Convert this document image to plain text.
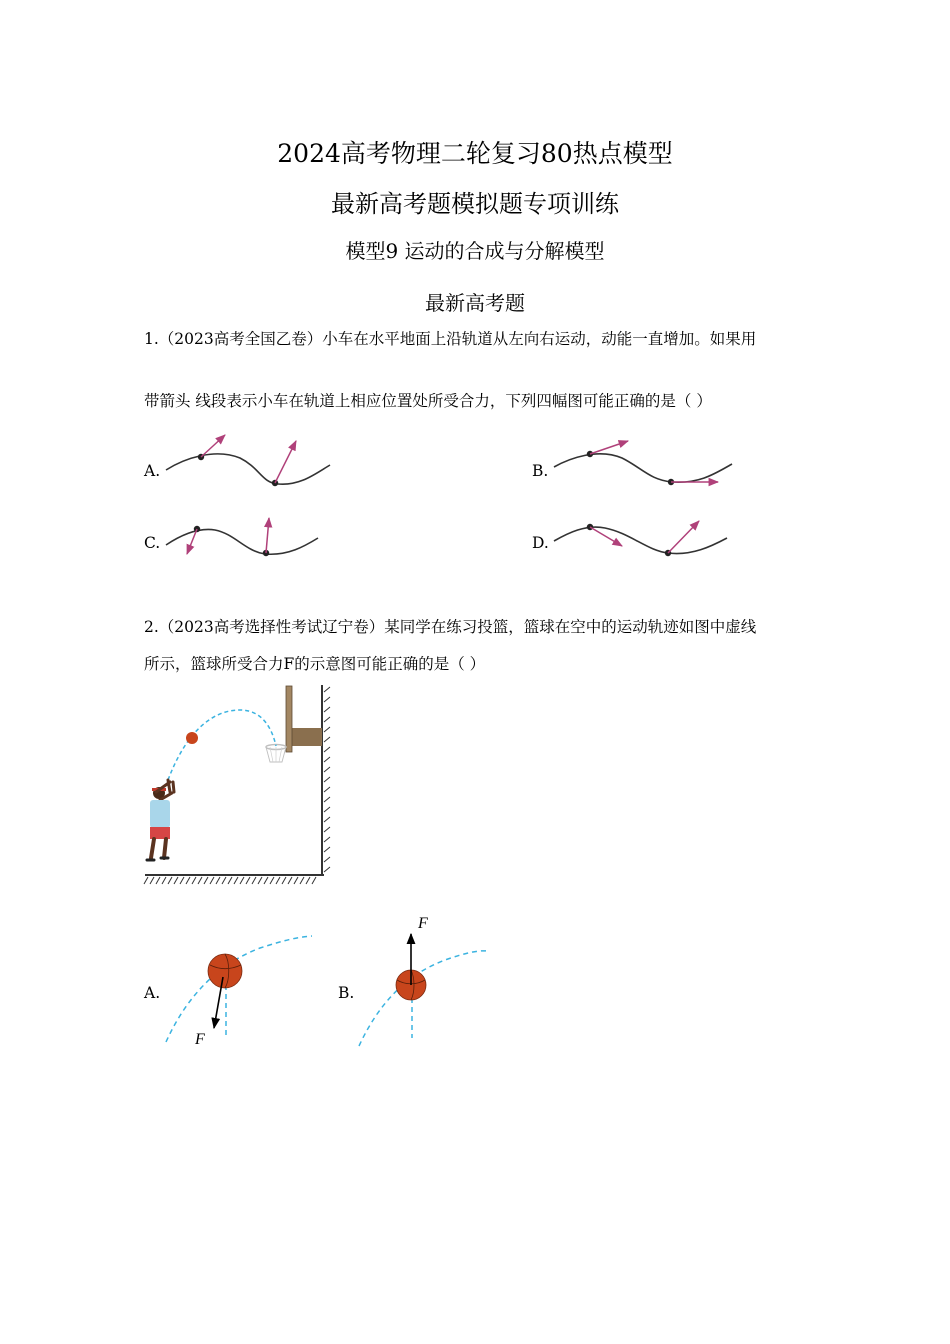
2024高考物理二轮复习80热点模型
最新高考题模拟题专项训练
模型9 运动的合成与分解模型
最新高考题
1.（2023高考全国乙卷）小车在水平地面上沿轨道从左向右运动，动能一直增加。如果用
带箭头 线段表示小车在轨道上相应位置处所受合力，下列四幅图可能正确的是（ ）
A.	B.
C.	D.
2.（2023高考选择性考试辽宁卷）某同学在练习投篮，篮球在空中的运动轨迹如图中虚线
所示，篮球所受合力F的示意图可能正确的是（ ）
A.	B.
F
F
